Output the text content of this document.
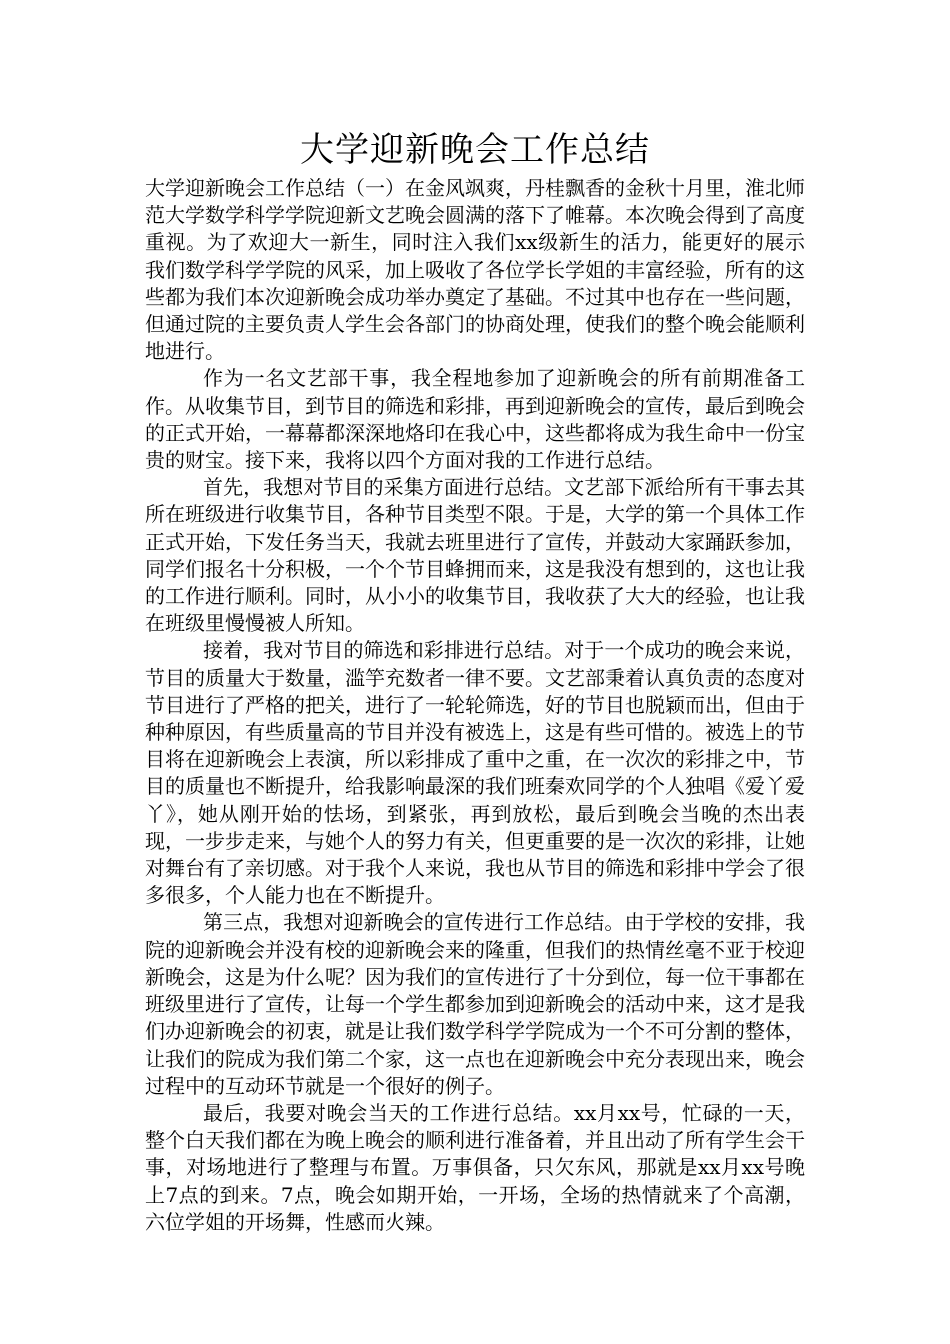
大学迎新晚会工作总结

大学迎新晚会工作总结（一）在金风飒爽，丹桂飘香的金秋十月里，淮北师范大学数学科学学院迎新文艺晚会圆满的落下了帷幕。本次晚会得到了高度重视。为了欢迎大一新生，同时注入我们xx级新生的活力，能更好的展示我们数学科学学院的风采，加上吸收了各位学长学姐的丰富经验，所有的这些都为我们本次迎新晚会成功举办奠定了基础。不过其中也存在一些问题，但通过院的主要负责人学生会各部门的协商处理，使我们的整个晚会能顺利地进行。

作为一名文艺部干事，我全程地参加了迎新晚会的所有前期准备工作。从收集节目，到节目的筛选和彩排，再到迎新晚会的宣传，最后到晚会的正式开始，一幕幕都深深地烙印在我心中，这些都将成为我生命中一份宝贵的财宝。接下来，我将以四个方面对我的工作进行总结。

首先，我想对节目的采集方面进行总结。文艺部下派给所有干事去其所在班级进行收集节目，各种节目类型不限。于是，大学的第一个具体工作正式开始，下发任务当天，我就去班里进行了宣传，并鼓动大家踊跃参加，同学们报名十分积极，一个个节目蜂拥而来，这是我没有想到的，这也让我的工作进行顺利。同时，从小小的收集节目，我收获了大大的经验，也让我在班级里慢慢被人所知。

接着，我对节目的筛选和彩排进行总结。对于一个成功的晚会来说，节目的质量大于数量，滥竽充数者一律不要。文艺部秉着认真负责的态度对节目进行了严格的把关，进行了一轮轮筛选，好的节目也脱颖而出，但由于种种原因，有些质量高的节目并没有被选上，这是有些可惜的。被选上的节目将在迎新晚会上表演，所以彩排成了重中之重，在一次次的彩排之中，节目的质量也不断提升，给我影响最深的我们班秦欢同学的个人独唱《爱丫爱丫》，她从刚开始的怯场，到紧张，再到放松，最后到晚会当晚的杰出表现，一步步走来，与她个人的努力有关，但更重要的是一次次的彩排，让她对舞台有了亲切感。对于我个人来说，我也从节目的筛选和彩排中学会了很多很多，个人能力也在不断提升。

第三点，我想对迎新晚会的宣传进行工作总结。由于学校的安排，我院的迎新晚会并没有校的迎新晚会来的隆重，但我们的热情丝毫不亚于校迎新晚会，这是为什么呢？因为我们的宣传进行了十分到位，每一位干事都在班级里进行了宣传，让每一个学生都参加到迎新晚会的活动中来，这才是我们办迎新晚会的初衷，就是让我们数学科学学院成为一个不可分割的整体，让我们的院成为我们第二个家，这一点也在迎新晚会中充分表现出来，晚会过程中的互动环节就是一个很好的例子。

最后，我要对晚会当天的工作进行总结。xx月xx号，忙碌的一天，整个白天我们都在为晚上晚会的顺利进行准备着，并且出动了所有学生会干事，对场地进行了整理与布置。万事俱备，只欠东风，那就是xx月xx号晚上7点的到来。7点，晚会如期开始，一开场，全场的热情就来了个高潮，六位学姐的开场舞，性感而火辣。
